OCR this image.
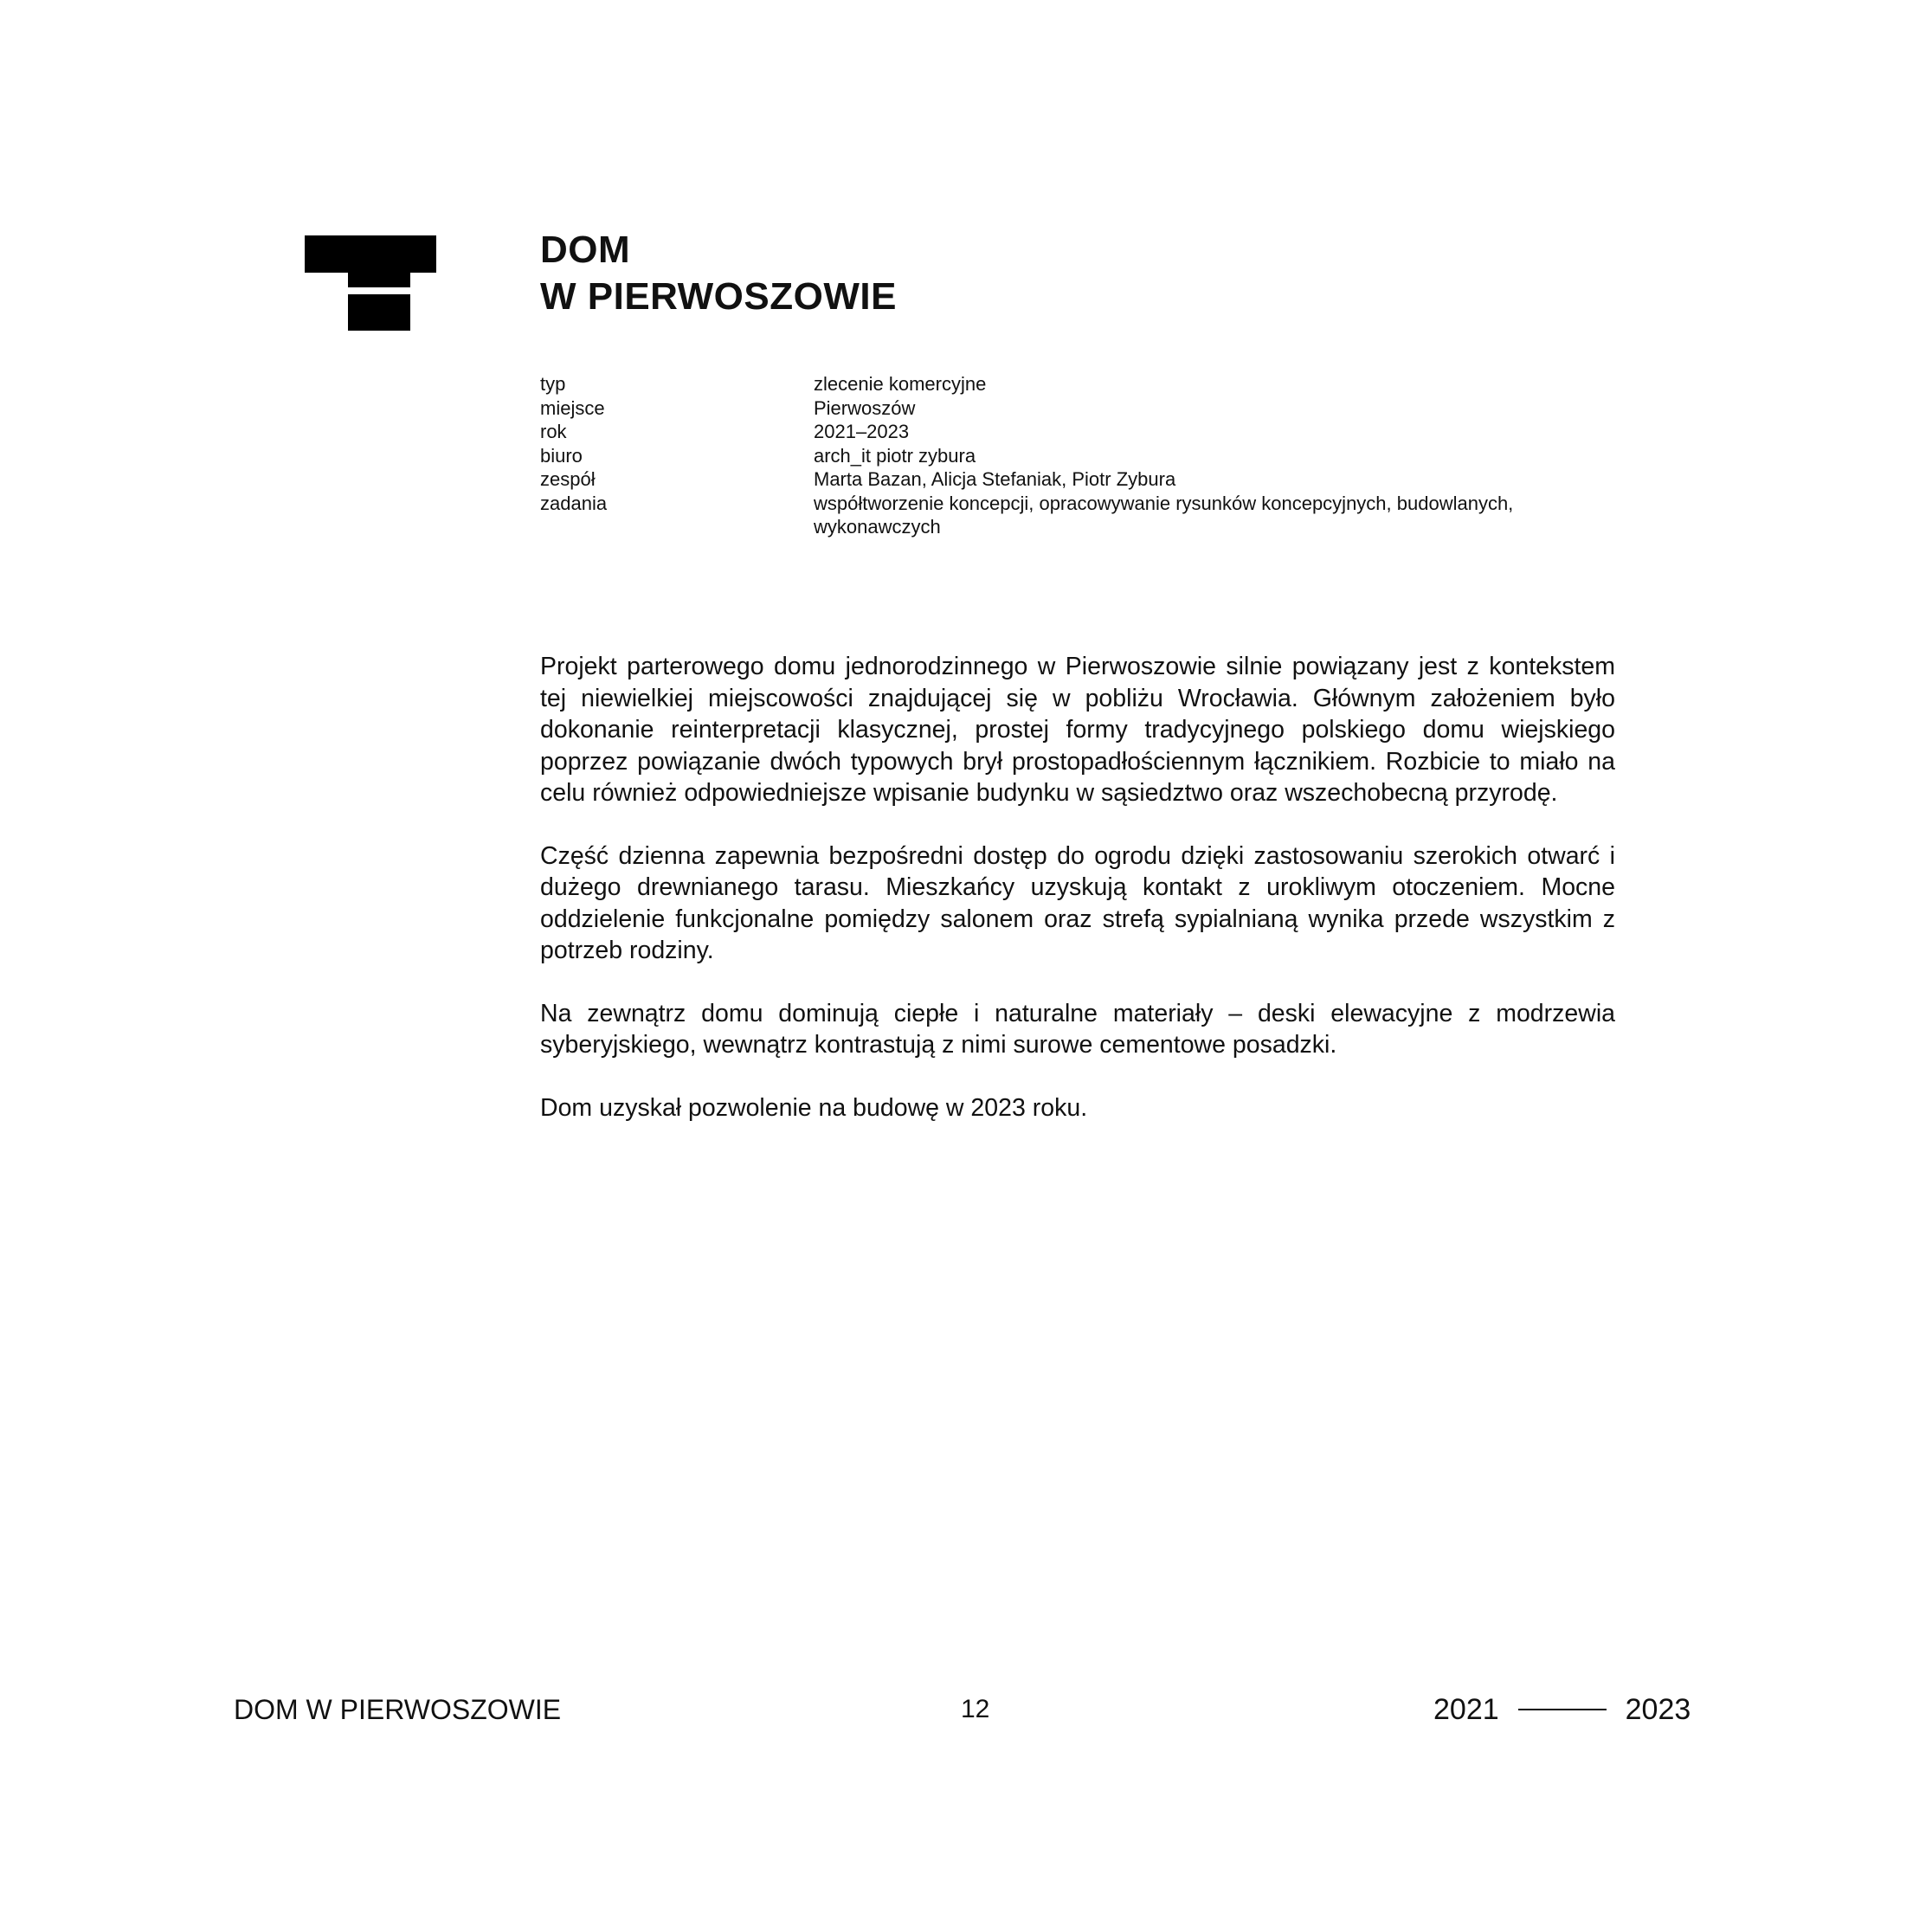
DOM
W PIERWOSZOWIE
typ	zlecenie komercyjne
miejsce	Pierwoszów
rok	2021–2023
biuro	arch_it piotr zybura
zespół	Marta Bazan, Alicja Stefaniak, Piotr Zybura
zadania	współtworzenie koncepcji, opracowywanie rysunków koncepcyjnych, budowlanych, wykonawczych

Projekt parterowego domu jednorodzinnego w Pierwoszowie silnie powiązany jest z kontekstem tej niewielkiej miejscowości znajdującej się w pobliżu Wrocławia. Głównym założeniem było dokonanie reinterpretacji klasycznej, prostej formy tradycyjnego polskiego domu wiejskiego poprzez powiązanie dwóch typowych brył prostopadłościennym łącznikiem. Rozbicie to miało na celu również odpowiedniejsze wpisanie budynku w sąsiedztwo oraz wszechobecną przyrodę.

Część dzienna zapewnia bezpośredni dostęp do ogrodu dzięki zastosowaniu szerokich otwarć i dużego drewnianego tarasu. Mieszkańcy uzyskują kontakt z urokliwym otoczeniem. Mocne oddzielenie funkcjonalne pomiędzy salonem oraz strefą sypialnianą wynika przede wszystkim z potrzeb rodziny.

Na zewnątrz domu dominują ciepłe i naturalne materiały – deski elewacyjne z modrzewia syberyjskiego, wewnątrz kontrastują z nimi surowe cementowe posadzki.

Dom uzyskał pozwolenie na budowę w 2023 roku.

DOM W PIERWOSZOWIE	12	2021	2023
